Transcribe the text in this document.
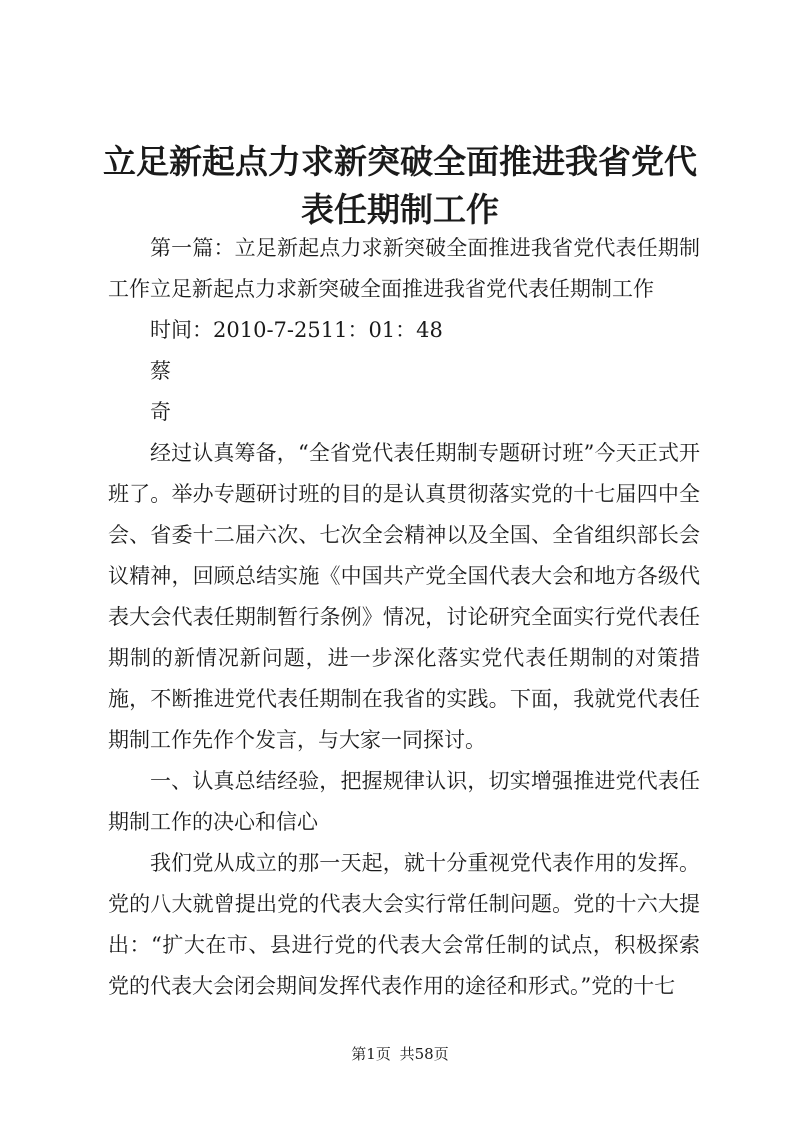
立足新起点力求新突破全面推进我省党代表任期制工作

第一篇：立足新起点力求新突破全面推进我省党代表任期制工作立足新起点力求新突破全面推进我省党代表任期制工作

时间：2010-7-2511：01：48

蔡

奇

经过认真筹备，“全省党代表任期制专题研讨班”今天正式开班了。举办专题研讨班的目的是认真贯彻落实党的十七届四中全会、省委十二届六次、七次全会精神以及全国、全省组织部长会议精神，回顾总结实施《中国共产党全国代表大会和地方各级代表大会代表任期制暂行条例》情况，讨论研究全面实行党代表任期制的新情况新问题，进一步深化落实党代表任期制的对策措施，不断推进党代表任期制在我省的实践。下面，我就党代表任期制工作先作个发言，与大家一同探讨。

一、认真总结经验，把握规律认识，切实增强推进党代表任期制工作的决心和信心

我们党从成立的那一天起，就十分重视党代表作用的发挥。党的八大就曾提出党的代表大会实行常任制问题。党的十六大提出：“扩大在市、县进行党的代表大会常任制的试点，积极探索党的代表大会闭会期间发挥代表作用的途径和形式。”党的十七

第1页 共58页
